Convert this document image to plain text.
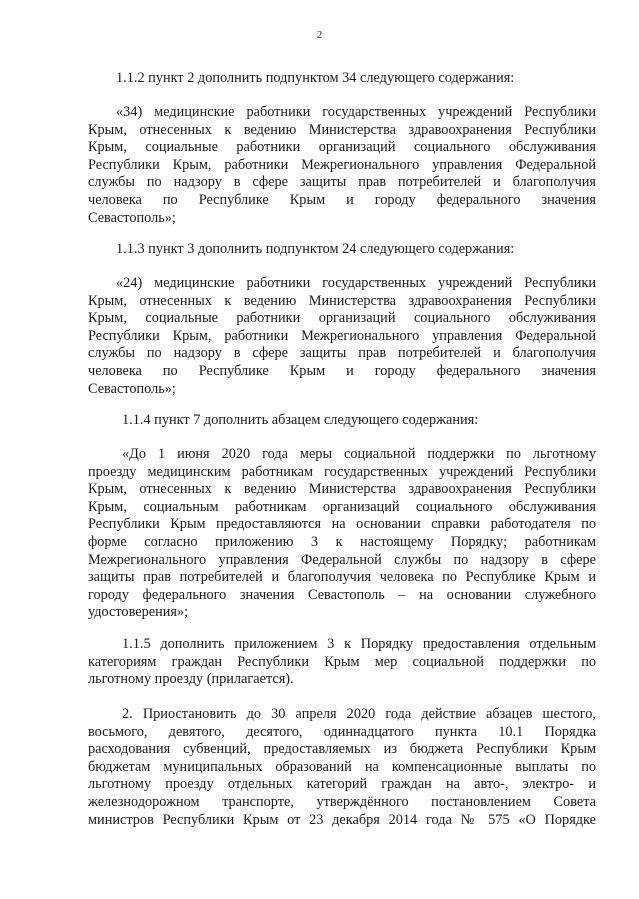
2
1.1.2 пункт 2 дополнить подпунктом 34 следующего содержания:
«34) медицинские работники государственных учреждений Республики
Крым, отнесенных к ведению Министерства здравоохранения Республики
Крым, социальные работники организаций социального обслуживания
Республики Крым, работники Межрегионального управления Федеральной
службы по надзору в сфере защиты прав потребителей и благополучия
человека по Республике Крым и городу федерального значения
Севастополь»;
1.1.3 пункт 3 дополнить подпунктом 24 следующего содержания:
«24) медицинские работники государственных учреждений Республики
Крым, отнесенных к ведению Министерства здравоохранения Республики
Крым, социальные работники организаций социального обслуживания
Республики Крым, работники Межрегионального управления Федеральной
службы по надзору в сфере защиты прав потребителей и благополучия
человека по Республике Крым и городу федерального значения
Севастополь»;
1.1.4 пункт 7 дополнить абзацем следующего содержания:
«До 1 июня 2020 года меры социальной поддержки по льготному
проезду медицинским работникам государственных учреждений Республики
Крым, отнесенных к ведению Министерства здравоохранения Республики
Крым, социальным работникам организаций социального обслуживания
Республики Крым предоставляются на основании справки работодателя по
форме согласно приложению 3 к настоящему Порядку; работникам
Межрегионального управления Федеральной службы по надзору в сфере
защиты прав потребителей и благополучия человека по Республике Крым и
городу федерального значения Севастополь – на основании служебного
удостоверения»;
1.1.5 дополнить приложением 3 к Порядку предоставления отдельным
категориям граждан Республики Крым мер социальной поддержки по
льготному проезду (прилагается).
2. Приостановить до 30 апреля 2020 года действие абзацев шестого,
восьмого, девятого, десятого, одиннадцатого пункта 10.1 Порядка
расходования субвенций, предоставляемых из бюджета Республики Крым
бюджетам муниципальных образований на компенсационные выплаты по
льготному проезду отдельных категорий граждан на авто-, электро- и
железнодорожном транспорте, утверждённого постановлением Совета
министров Республики Крым от 23 декабря 2014 года № 575 «О Порядке
